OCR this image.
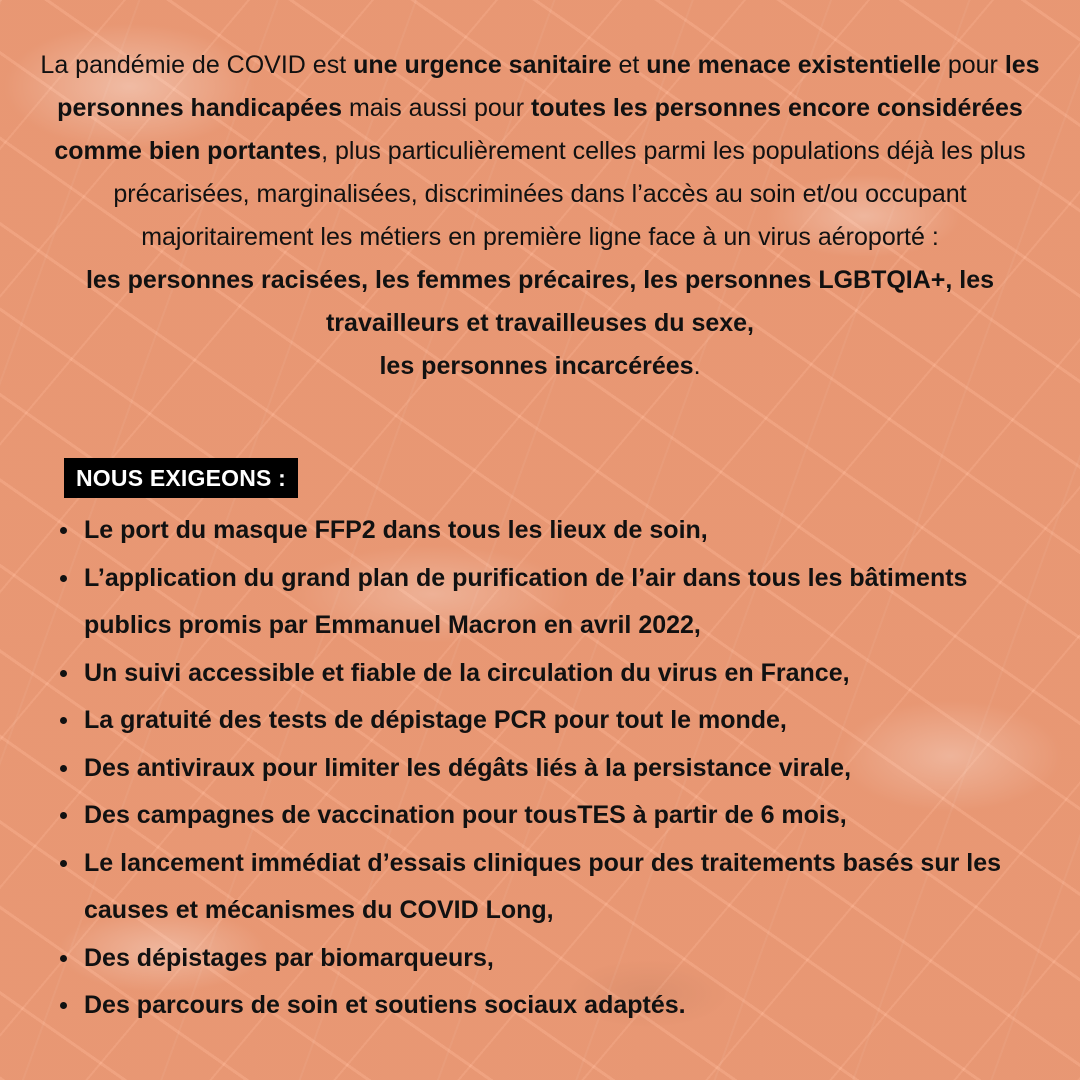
La pandémie de COVID est une urgence sanitaire et une menace existentielle pour les personnes handicapées mais aussi pour toutes les personnes encore considérées comme bien portantes, plus particulièrement celles parmi les populations déjà les plus précarisées, marginalisées, discriminées dans l’accès au soin et/ou occupant majoritairement les métiers en première ligne face à un virus aéroporté :
les personnes racisées, les femmes précaires, les personnes LGBTQIA+, les travailleurs et travailleuses du sexe,
les personnes incarcérées.

NOUS EXIGEONS :
Le port du masque FFP2 dans tous les lieux de soin,
L’application du grand plan de purification de l’air dans tous les bâtiments publics promis par Emmanuel Macron en avril 2022,
Un suivi accessible et fiable de la circulation du virus en France,
La gratuité des tests de dépistage PCR pour tout le monde,
Des antiviraux pour limiter les dégâts liés à la persistance virale,
Des campagnes de vaccination pour tousTES à partir de 6 mois,
Le lancement immédiat d’essais cliniques pour des traitements basés sur les causes et mécanismes du COVID Long,
Des dépistages par biomarqueurs,
Des parcours de soin et soutiens sociaux adaptés.
